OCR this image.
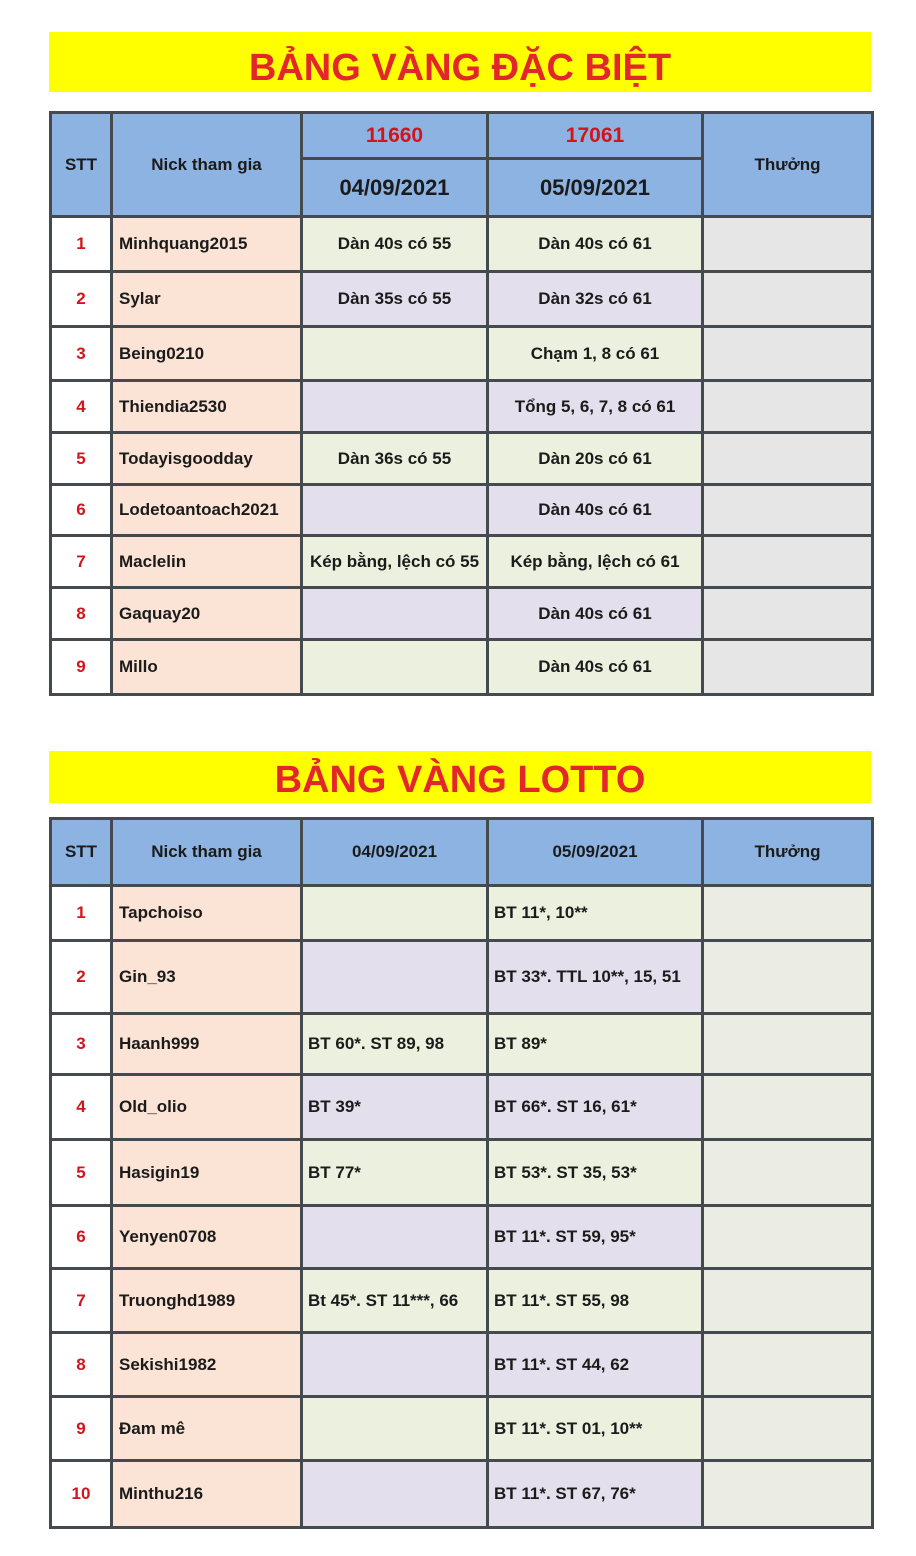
BẢNG VÀNG ĐẶC BIỆT
STT	Nick tham gia	11660	17061	Thưởng
		04/09/2021	05/09/2021	
1	Minhquang2015	Dàn 40s có 55	Dàn 40s có 61	
2	Sylar	Dàn 35s có 55	Dàn 32s có 61	
3	Being0210		Chạm 1, 8 có 61	
4	Thiendia2530		Tổng 5, 6, 7, 8 có 61	
5	Todayisgoodday	Dàn 36s có 55	Dàn 20s có 61	
6	Lodetoantoach2021		Dàn 40s có 61	
7	Maclelin	Kép bằng, lệch có 55	Kép bằng, lệch có 61	
8	Gaquay20		Dàn 40s có 61	
9	Millo		Dàn 40s có 61	
BẢNG VÀNG LOTTO
STT	Nick tham gia	04/09/2021	05/09/2021	Thưởng
1	Tapchoiso		BT 11*, 10**	
2	Gin_93		BT 33*. TTL 10**, 15, 51	
3	Haanh999	BT 60*. ST 89, 98	BT 89*	
4	Old_olio	BT 39*	BT 66*. ST 16, 61*	
5	Hasigin19	BT 77*	BT 53*. ST 35, 53*	
6	Yenyen0708		BT 11*. ST 59, 95*	
7	Truonghd1989	Bt 45*. ST 11***, 66	BT 11*. ST 55, 98	
8	Sekishi1982		BT 11*. ST 44, 62	
9	Đam mê		BT 11*. ST 01, 10**	
10	Minthu216		BT 11*. ST 67, 76*	
